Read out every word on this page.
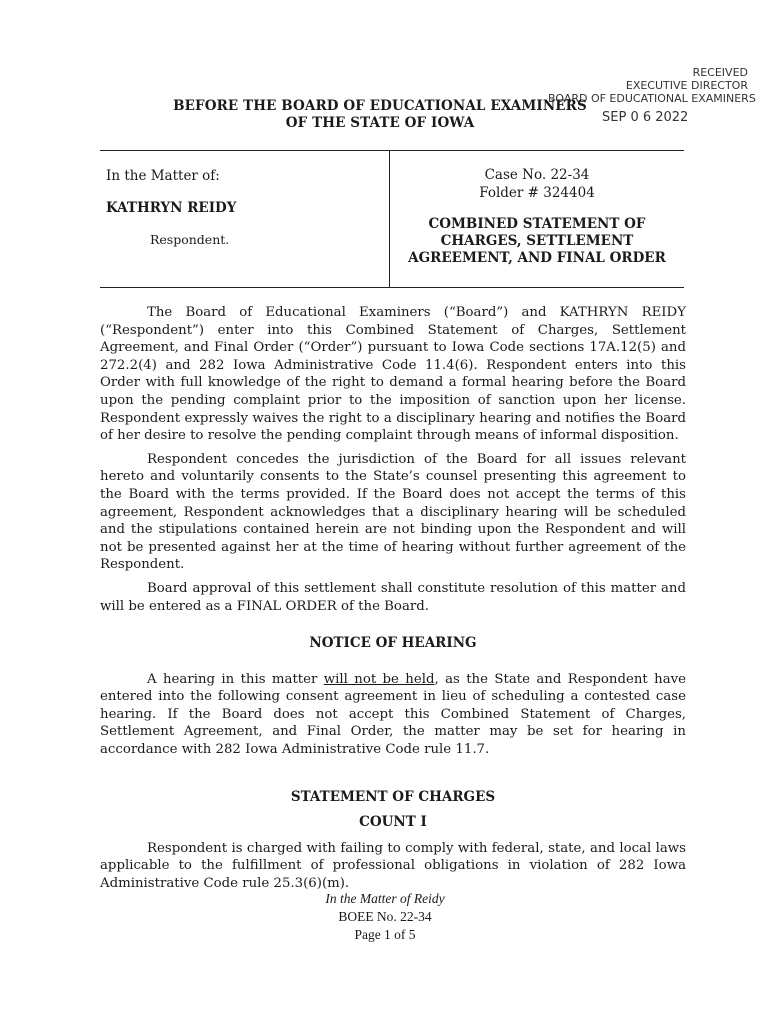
RECEIVED
EXECUTIVE DIRECTOR
BOARD OF EDUCATIONAL EXAMINERS
SEP 0 6 2022
BEFORE THE BOARD OF EDUCATIONAL EXAMINERS
OF THE STATE OF IOWA
In the Matter of:
KATHRYN REIDY
Respondent.
Case No. 22-34
Folder # 324404
COMBINED STATEMENT OF
CHARGES, SETTLEMENT
AGREEMENT, AND FINAL ORDER

The Board of Educational Examiners (“Board”) and KATHRYN REIDY (“Respondent”) enter into this Combined Statement of Charges, Settlement Agreement, and Final Order (“Order”) pursuant to Iowa Code sections 17A.12(5) and 272.2(4) and 282 Iowa Administrative Code 11.4(6). Respondent enters into this Order with full knowledge of the right to demand a formal hearing before the Board upon the pending complaint prior to the imposition of sanction upon her license. Respondent expressly waives the right to a disciplinary hearing and notifies the Board of her desire to resolve the pending complaint through means of informal disposition.

Respondent concedes the jurisdiction of the Board for all issues relevant hereto and voluntarily consents to the State’s counsel presenting this agreement to the Board with the terms provided. If the Board does not accept the terms of this agreement, Respondent acknowledges that a disciplinary hearing will be scheduled and the stipulations contained herein are not binding upon the Respondent and will not be presented against her at the time of hearing without further agreement of the Respondent.

Board approval of this settlement shall constitute resolution of this matter and will be entered as a FINAL ORDER of the Board.

NOTICE OF HEARING

A hearing in this matter will not be held, as the State and Respondent have entered into the following consent agreement in lieu of scheduling a contested case hearing. If the Board does not accept this Combined Statement of Charges, Settlement Agreement, and Final Order, the matter may be set for hearing in accordance with 282 Iowa Administrative Code rule 11.7.

STATEMENT OF CHARGES
COUNT I

Respondent is charged with failing to comply with federal, state, and local laws applicable to the fulfillment of professional obligations in violation of 282 Iowa Administrative Code rule 25.3(6)(m).

In the Matter of Reidy
BOEE No. 22-34
Page 1 of 5
